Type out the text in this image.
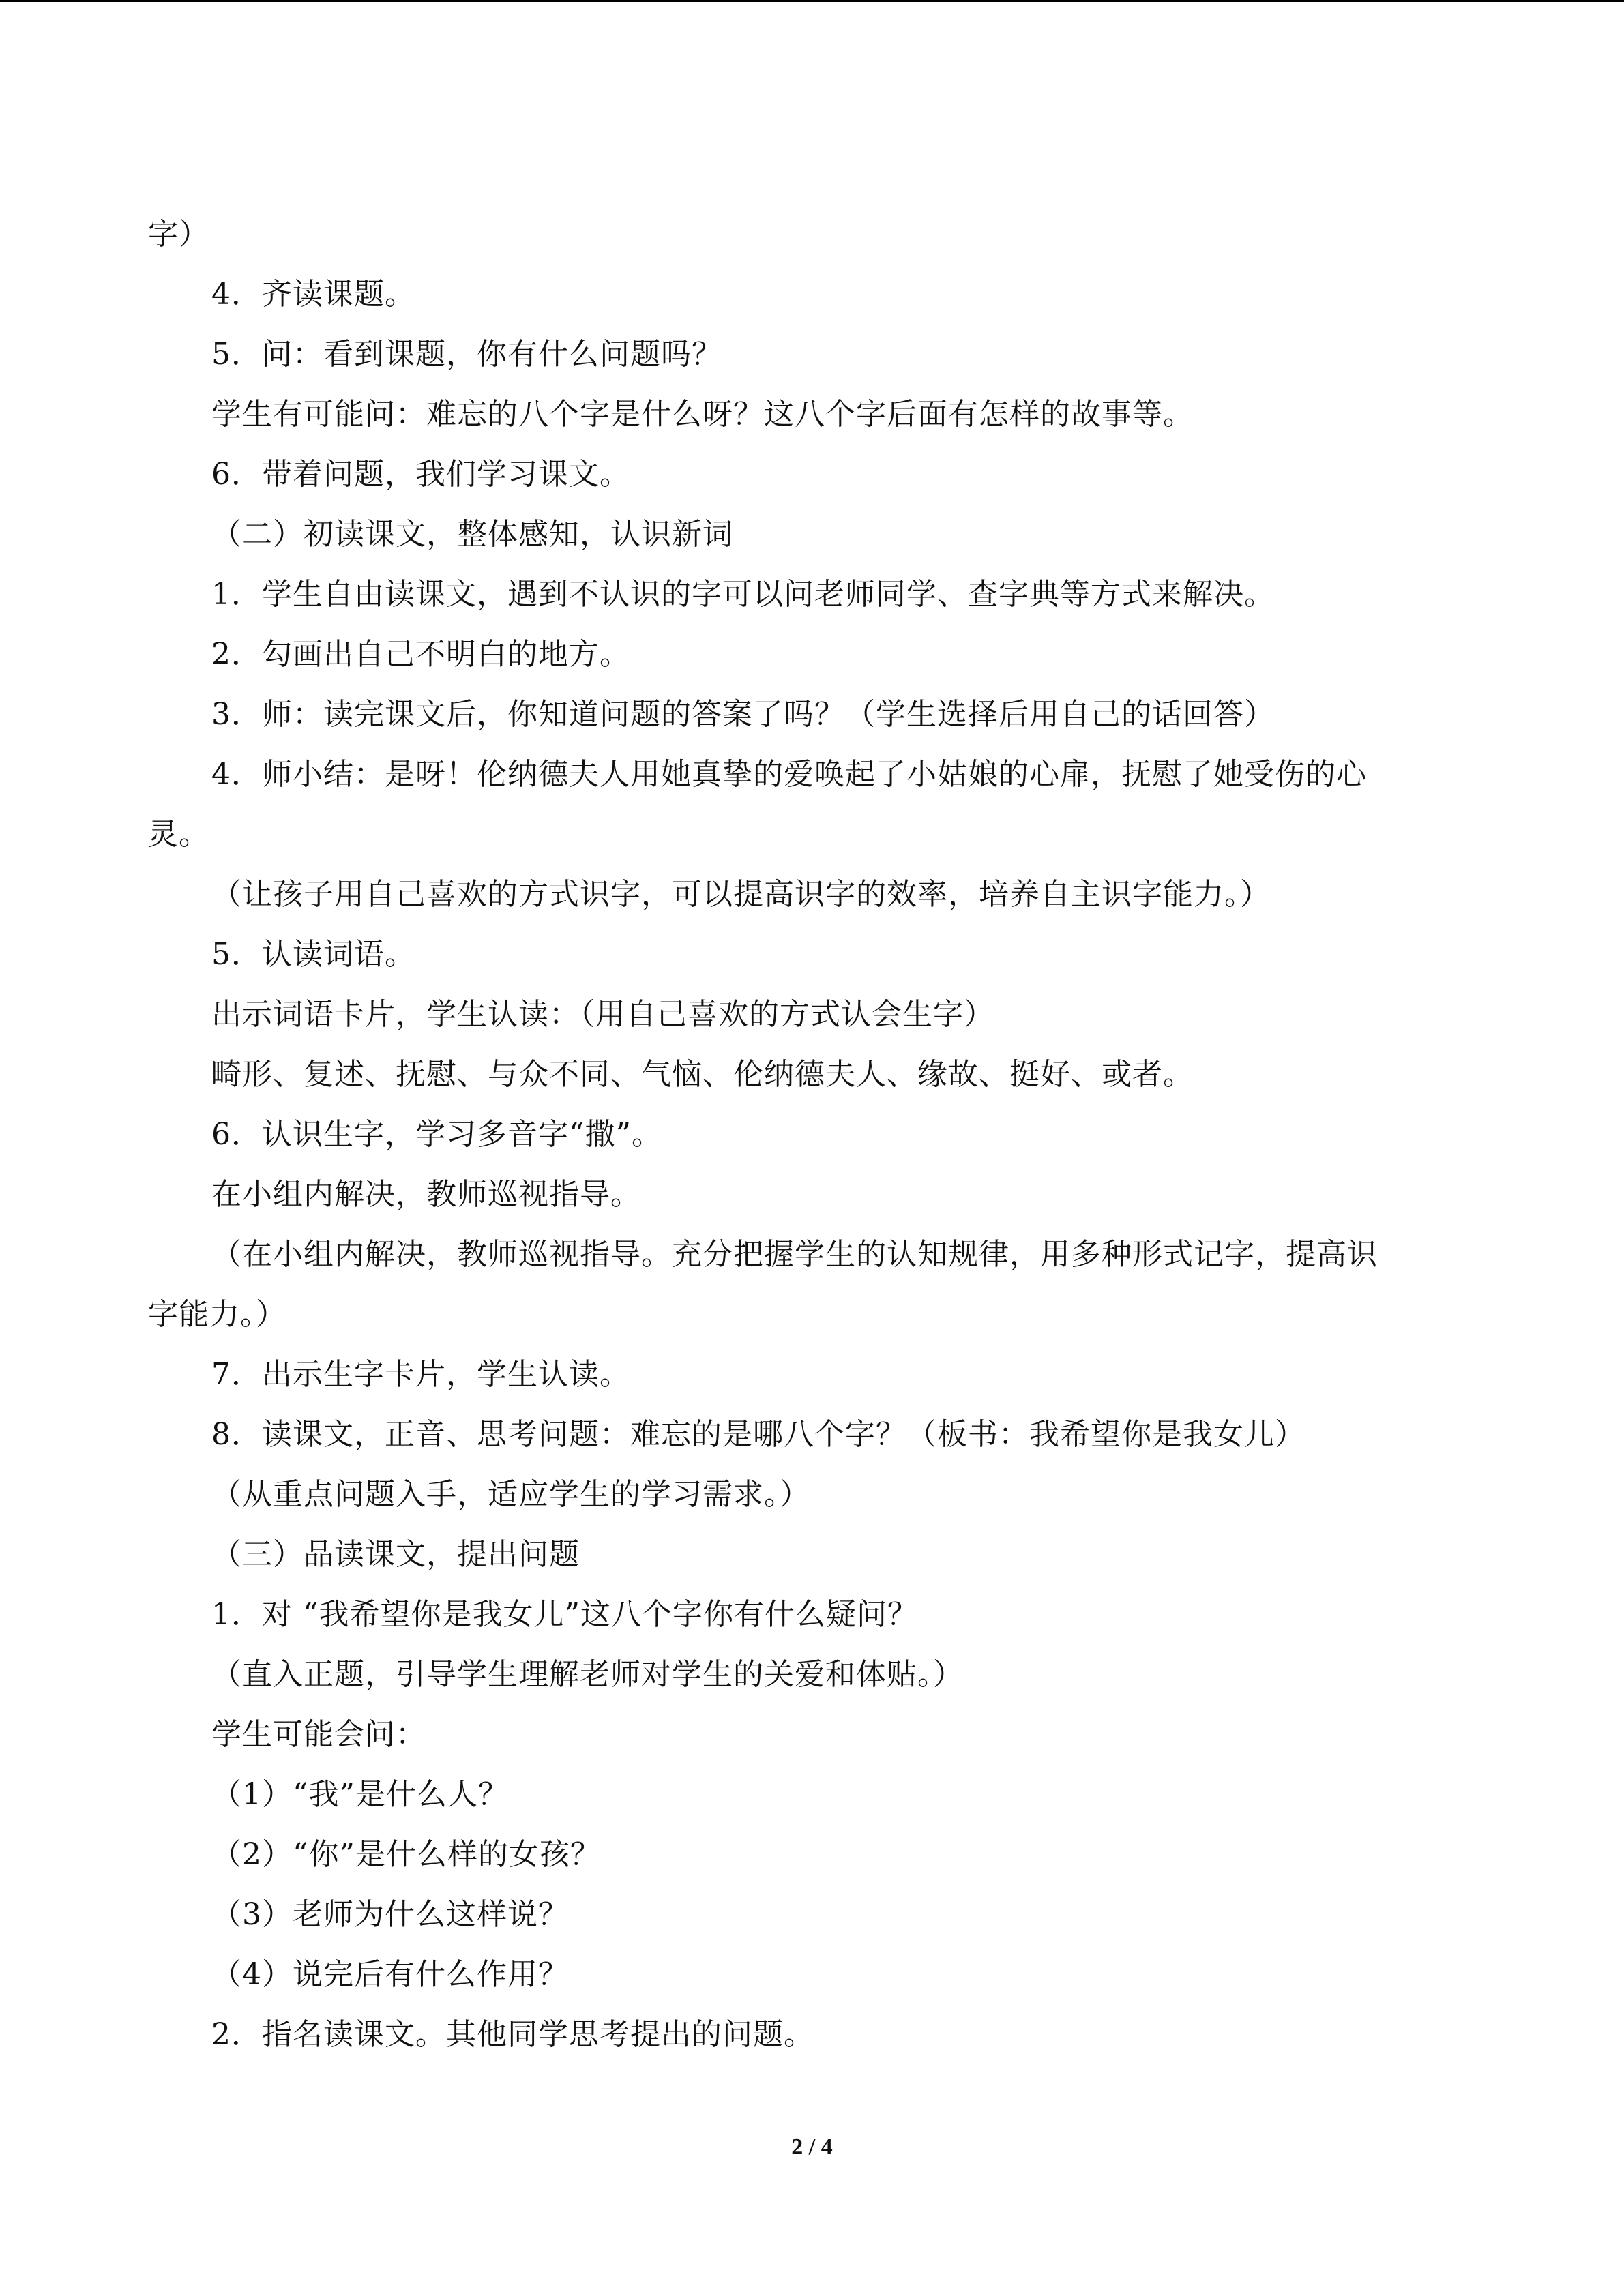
字）
4．齐读课题。
5．问：看到课题，你有什么问题吗？
学生有可能问：难忘的八个字是什么呀？这八个字后面有怎样的故事等。
6．带着问题，我们学习课文。
（二）初读课文，整体感知，认识新词
1．学生自由读课文，遇到不认识的字可以问老师同学、查字典等方式来解决。
2．勾画出自己不明白的地方。
3．师：读完课文后，你知道问题的答案了吗？（学生选择后用自己的话回答）
4．师小结：是呀！伦纳德夫人用她真挚的爱唤起了小姑娘的心扉，抚慰了她受伤的心
灵。
（让孩子用自己喜欢的方式识字，可以提高识字的效率，培养自主识字能力。）
5．认读词语。
出示词语卡片，学生认读：（用自己喜欢的方式认会生字）
畸形、复述、抚慰、与众不同、气恼、伦纳德夫人、缘故、挺好、或者。
6．认识生字，学习多音字“撒”。
在小组内解决，教师巡视指导。
（在小组内解决，教师巡视指导。充分把握学生的认知规律，用多种形式记字，提高识
字能力。）
7．出示生字卡片，学生认读。
8．读课文，正音、思考问题：难忘的是哪八个字？（板书：我希望你是我女儿）
（从重点问题入手，适应学生的学习需求。）
（三）品读课文，提出问题
1．对 “我希望你是我女儿”这八个字你有什么疑问？
（直入正题，引导学生理解老师对学生的关爱和体贴。）
学生可能会问：
（1）“我”是什么人？
（2）“你”是什么样的女孩？
（3）老师为什么这样说？
（4）说完后有什么作用？
2．指名读课文。其他同学思考提出的问题。
2 / 4
